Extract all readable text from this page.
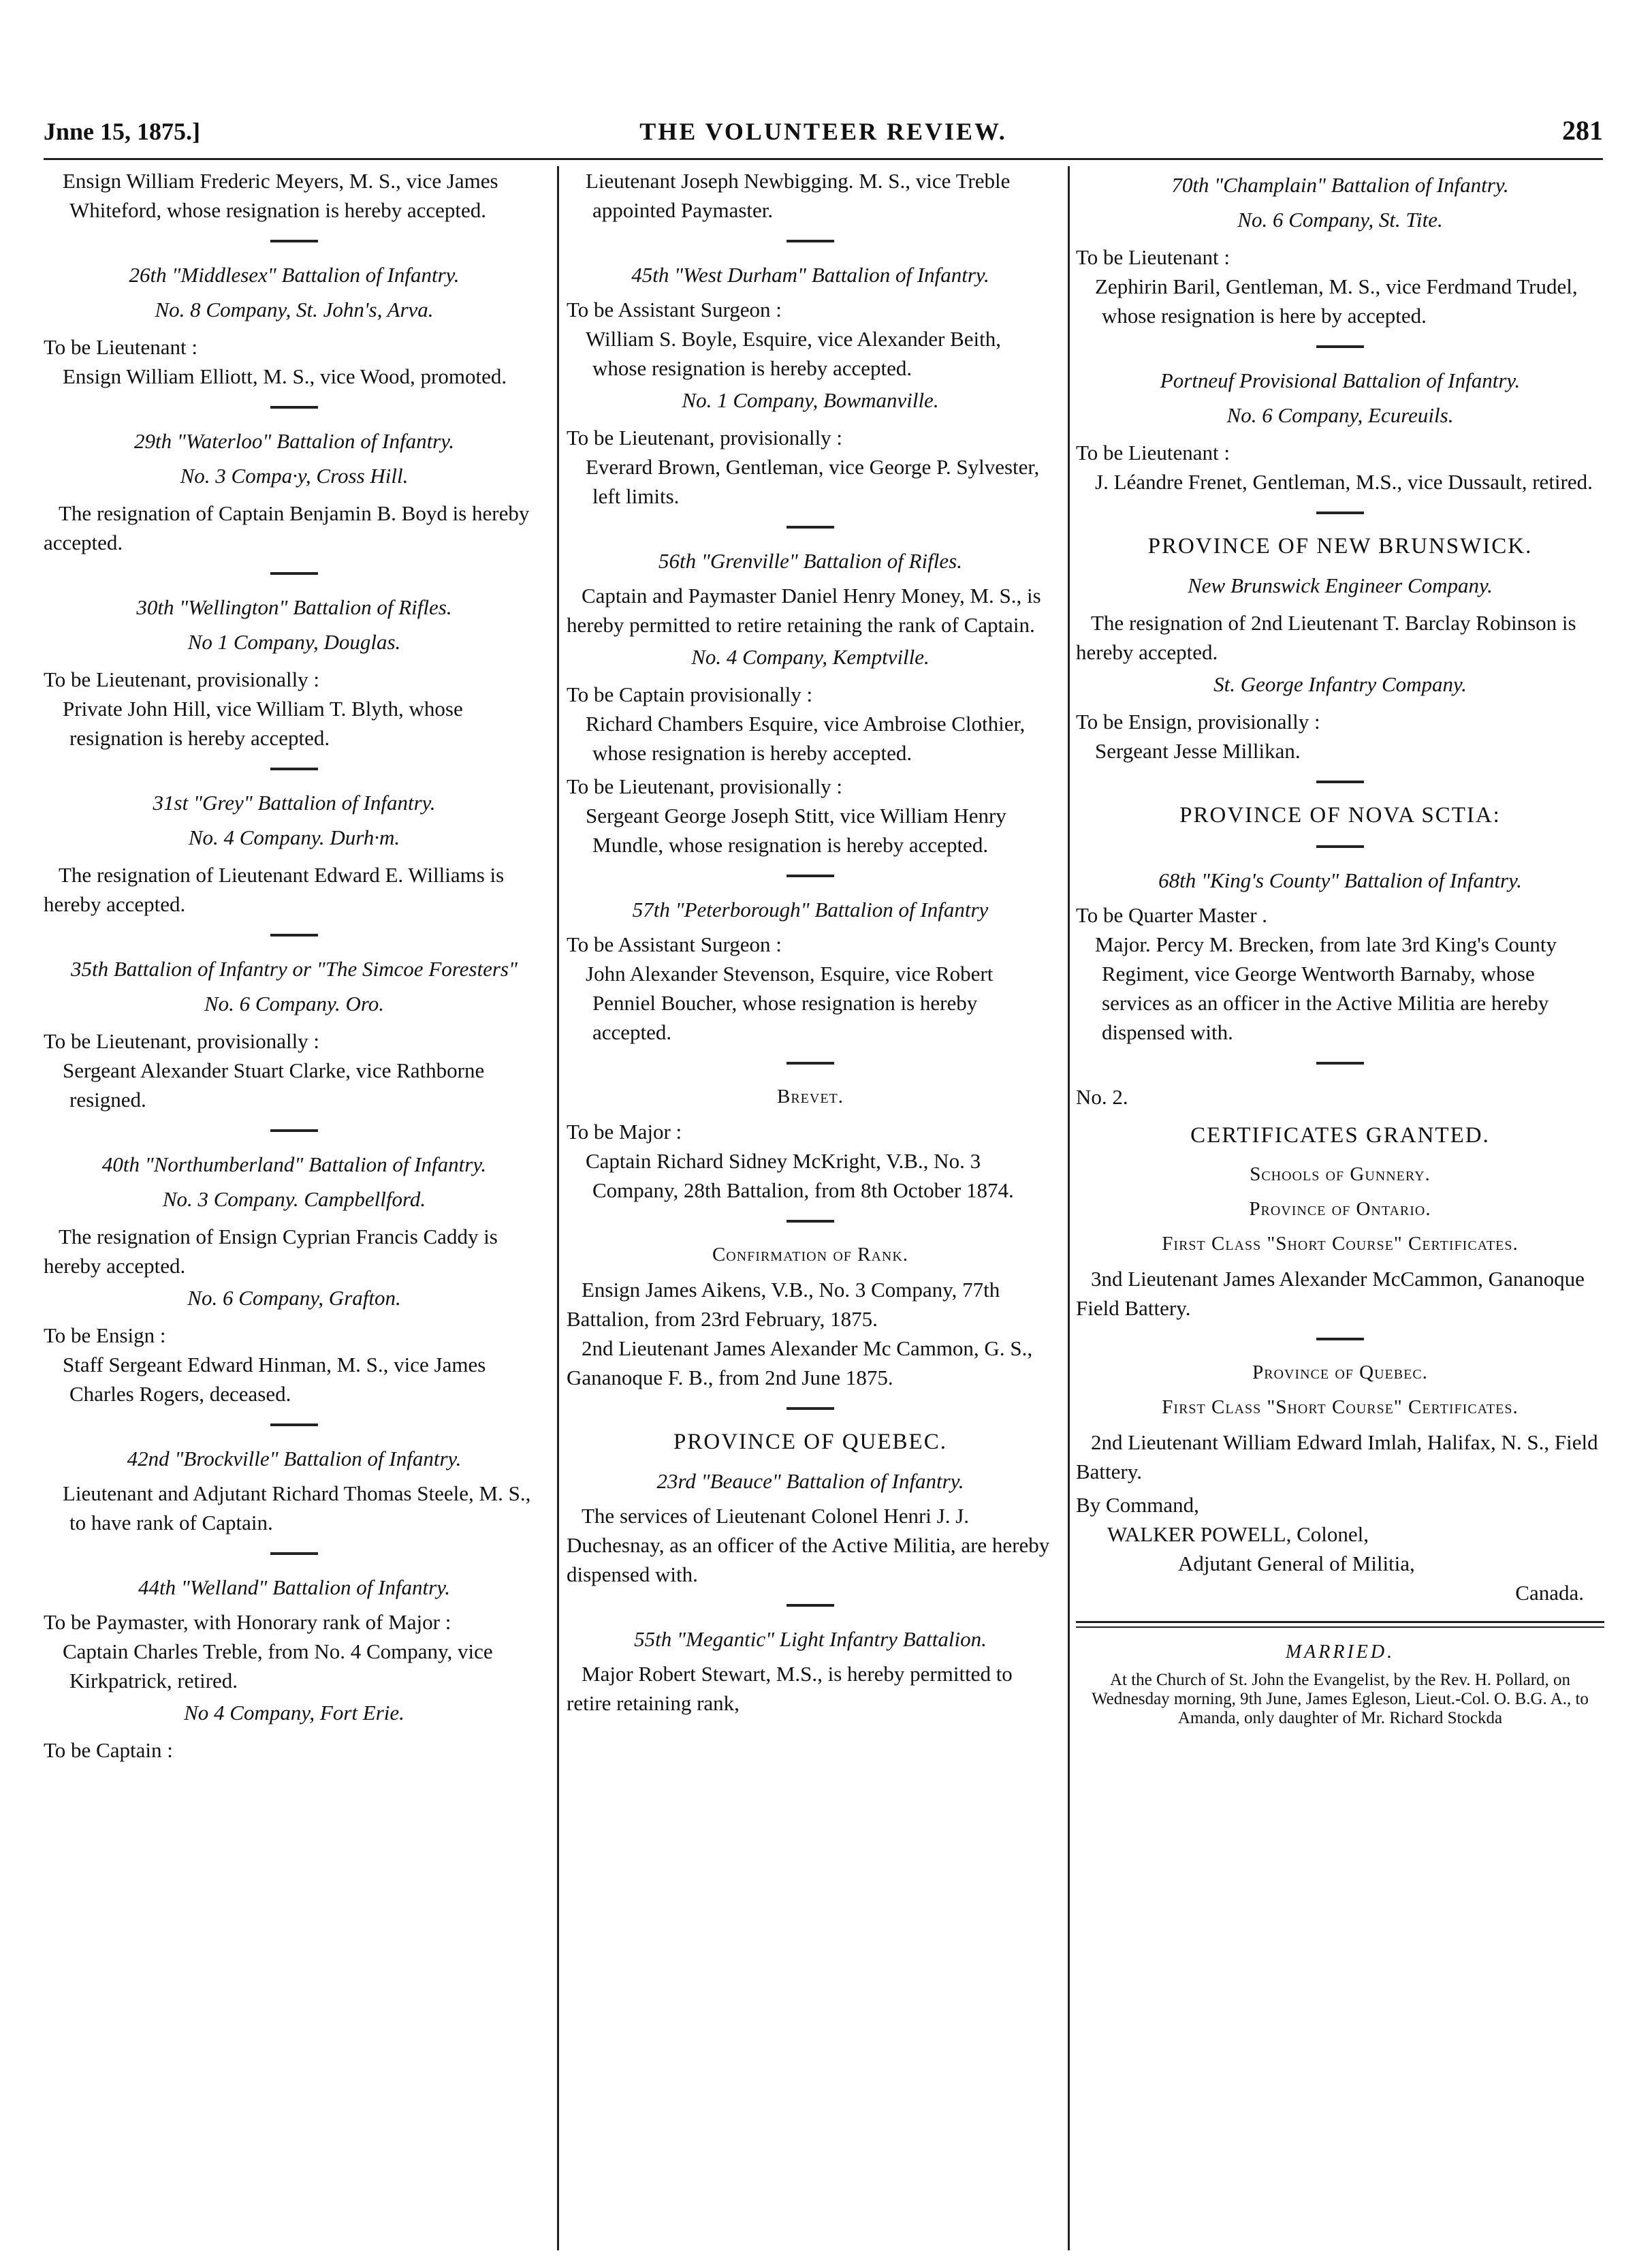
Jnne 15, 1875.]	THE VOLUNTEER REVIEW.	281

Ensign William Frederic Meyers, M. S., vice James Whiteford, whose resignation is hereby accepted.

26th "Middlesex" Battalion of Infantry.

No. 8 Company, St. John's, Arva.

To be Lieutenant :

Ensign William Elliott, M. S., vice Wood, promoted.

29th "Waterloo" Battalion of Infantry.

No. 3 Compa·y, Cross Hill.

The resignation of Captain Benjamin B. Boyd is hereby accepted.

30th "Wellington" Battalion of Rifles.

No 1 Company, Douglas.

To be Lieutenant, provisionally :

Private John Hill, vice William T. Blyth, whose resignation is hereby accepted.

31st "Grey" Battalion of Infantry.

No. 4 Company. Durh·m.

The resignation of Lieutenant Edward E. Williams is hereby accepted.

35th Battalion of Infantry or "The Simcoe Foresters"

No. 6 Company. Oro.

To be Lieutenant, provisionally :

Sergeant Alexander Stuart Clarke, vice Rathborne resigned.

40th "Northumberland" Battalion of Infantry.

No. 3 Company. Campbellford.

The resignation of Ensign Cyprian Francis Caddy is hereby accepted.

No. 6 Company, Grafton.

To be Ensign :

Staff Sergeant Edward Hinman, M. S., vice James Charles Rogers, deceased.

42nd "Brockville" Battalion of Infantry.

Lieutenant and Adjutant Richard Thomas Steele, M. S., to have rank of Captain.

44th "Welland" Battalion of Infantry.

To be Paymaster, with Honorary rank of Major :

Captain Charles Treble, from No. 4 Company, vice Kirkpatrick, retired.

No 4 Company, Fort Erie.

To be Captain :

Lieutenant Joseph Newbigging. M. S., vice Treble appointed Paymaster.

45th "West Durham" Battalion of Infantry.

To be Assistant Surgeon :

William S. Boyle, Esquire, vice Alexander Beith, whose resignation is hereby accepted.

No. 1 Company, Bowmanville.

To be Lieutenant, provisionally :

Everard Brown, Gentleman, vice George P. Sylvester, left limits.

56th "Grenville" Battalion of Rifles.

Captain and Paymaster Daniel Henry Money, M. S., is hereby permitted to retire retaining the rank of Captain.

No. 4 Company, Kemptville.

To be Captain provisionally :

Richard Chambers Esquire, vice Ambroise Clothier, whose resignation is hereby accepted.

To be Lieutenant, provisionally :

Sergeant George Joseph Stitt, vice William Henry Mundle, whose resignation is hereby accepted.

57th "Peterborough" Battalion of Infantry

To be Assistant Surgeon :

John Alexander Stevenson, Esquire, vice Robert Penniel Boucher, whose resignation is hereby accepted.

Brevet.

To be Major :

Captain Richard Sidney McKright, V.B., No. 3 Company, 28th Battalion, from 8th October 1874.

Confirmation of Rank.

Ensign James Aikens, V.B., No. 3 Company, 77th Battalion, from 23rd February, 1875.

2nd Lieutenant James Alexander Mc Cammon, G. S., Gananoque F. B., from 2nd June 1875.

PROVINCE OF QUEBEC.

23rd "Beauce" Battalion of Infantry.

The services of Lieutenant Colonel Henri J. J. Duchesnay, as an officer of the Active Militia, are hereby dispensed with.

55th "Megantic" Light Infantry Battalion.

Major Robert Stewart, M.S., is hereby permitted to retire retaining rank,

70th "Champlain" Battalion of Infantry.

No. 6 Company, St. Tite.

To be Lieutenant :

Zephirin Baril, Gentleman, M. S., vice Ferdmand Trudel, whose resignation is here by accepted.

Portneuf Provisional Battalion of Infantry.

No. 6 Company, Ecureuils.

To be Lieutenant :

J. Léandre Frenet, Gentleman, M.S., vice Dussault, retired.

PROVINCE OF NEW BRUNSWICK.

New Brunswick Engineer Company.

The resignation of 2nd Lieutenant T. Barclay Robinson is hereby accepted.

St. George Infantry Company.

To be Ensign, provisionally :

Sergeant Jesse Millikan.

PROVINCE OF NOVA SCTIA:

68th "King's County" Battalion of Infantry.

To be Quarter Master .

Major. Percy M. Brecken, from late 3rd King's County Regiment, vice George Wentworth Barnaby, whose services as an officer in the Active Militia are hereby dispensed with.

No. 2.

CERTIFICATES GRANTED.

Schools of Gunnery.

Province of Ontario.

First Class "Short Course" Certificates.

3nd Lieutenant James Alexander McCammon, Gananoque Field Battery.

Province of Quebec.

First Class "Short Course" Certificates.

2nd Lieutenant William Edward Imlah, Halifax, N. S., Field Battery.

By Command,

WALKER POWELL, Colonel,

Adjutant General of Militia,

Canada.

MARRIED.

At the Church of St. John the Evangelist, by the Rev. H. Pollard, on Wednesday morning, 9th June, James Egleson, Lieut.-Col. O. B.G. A., to Amanda, only daughter of Mr. Richard Stockda
